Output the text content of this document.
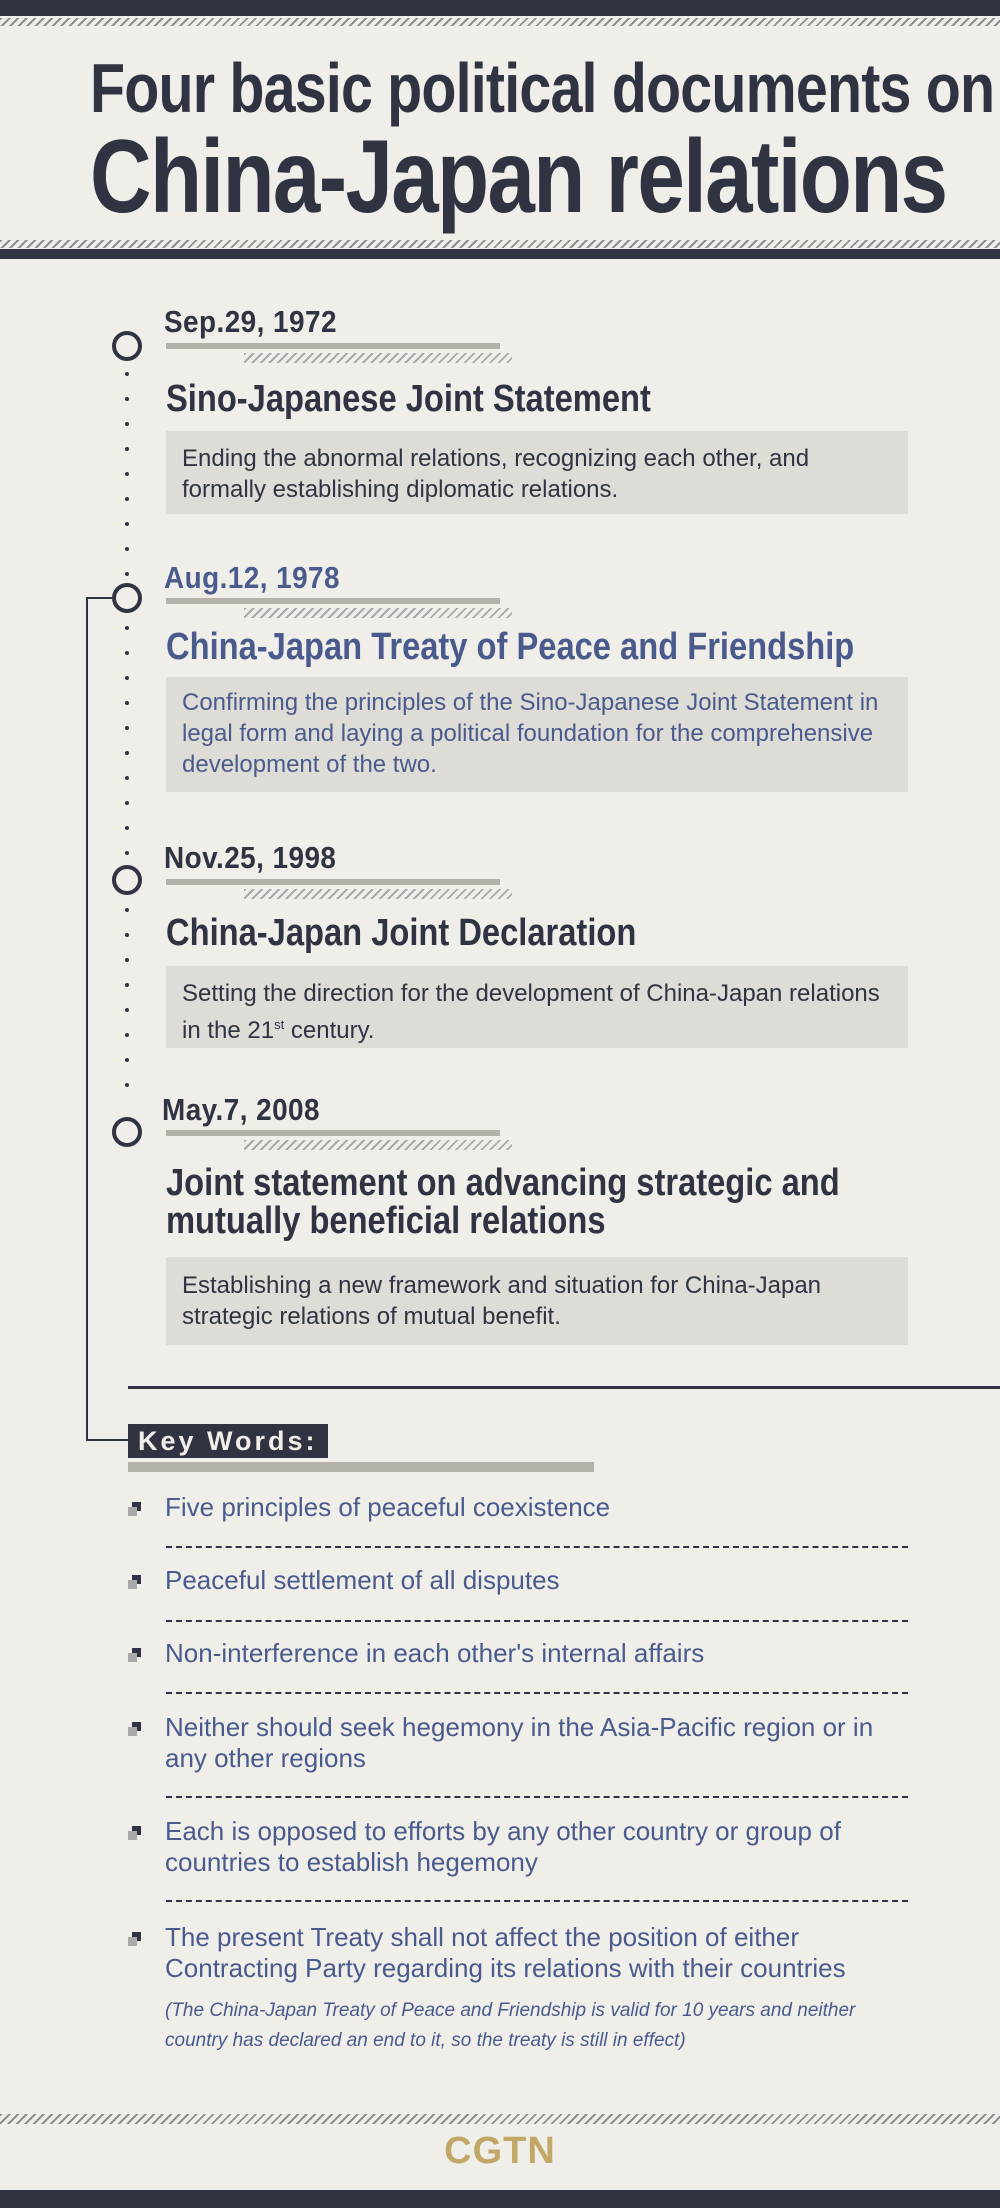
Four basic political documents on
China-Japan relations
Sep.29, 1972
Sino-Japanese Joint Statement
Ending the abnormal relations, recognizing each other, and formally establishing diplomatic relations.
Aug.12, 1978
China-Japan Treaty of Peace and Friendship
Confirming the principles of the Sino-Japanese Joint Statement in legal form and laying a political foundation for the comprehensive development of the two.
Nov.25, 1998
China-Japan Joint Declaration
Setting the direction for the development of China-Japan relations in the 21st century.
May.7, 2008
Joint statement on advancing strategic and
mutually beneficial relations
Establishing a new framework and situation for China-Japan strategic relations of mutual benefit.
Key Words:
Five principles of peaceful coexistence
Peaceful settlement of all disputes
Non-interference in each other's internal affairs
Neither should seek hegemony in the Asia-Pacific region or in any other regions
Each is opposed to efforts by any other country or group of countries to establish hegemony
The present Treaty shall not affect the position of either Contracting Party regarding its relations with their countries
(The China-Japan Treaty of Peace and Friendship is valid for 10 years and neither country has declared an end to it, so the treaty is still in effect)
CGTN
